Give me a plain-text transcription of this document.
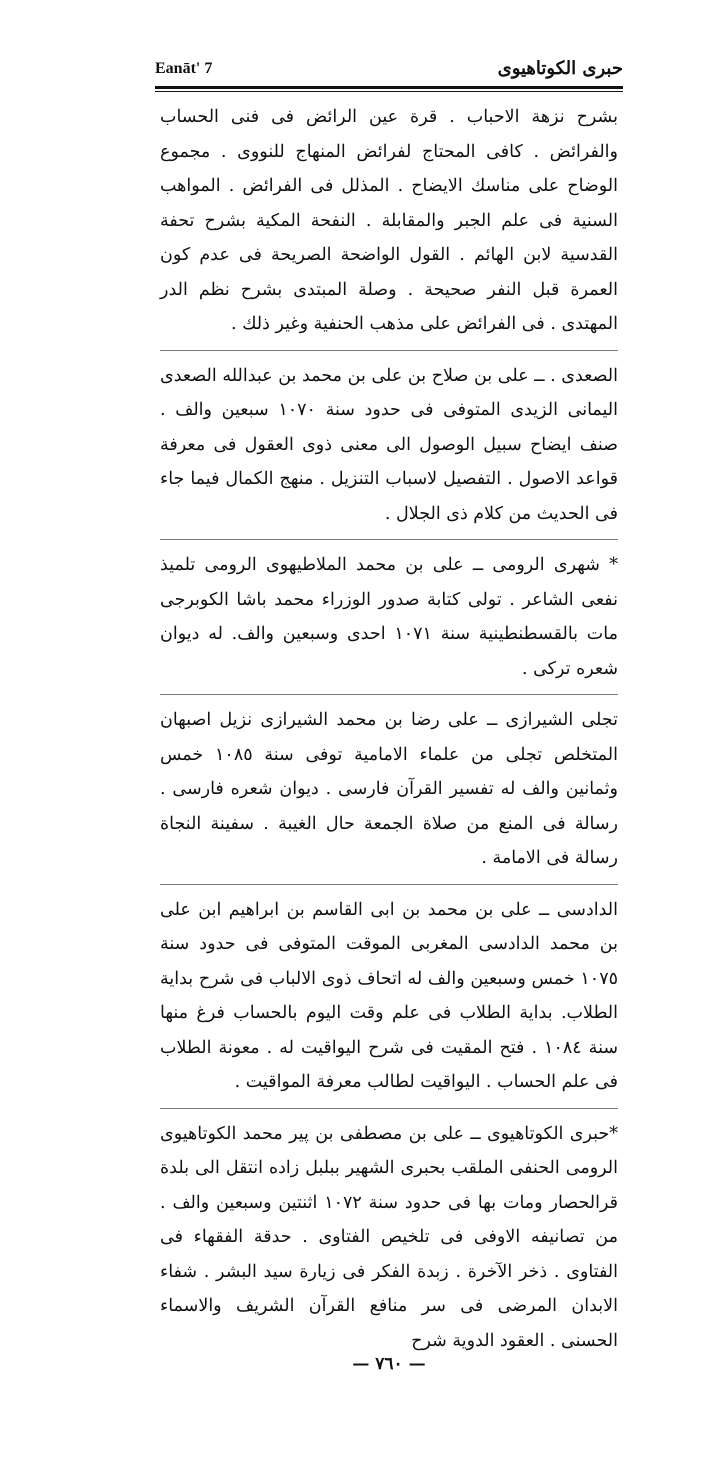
حبرى الكوتاهيوى
Eanāt' 7

بشرح نزهة الاحباب . قرة عين الرائض فى فنى الحساب والفرائض . كافى المحتاج لفرائض المنهاج للنووى . مجموع الوضاح على مناسك الايضاح . المذلل فى الفرائض . المواهب السنية فى علم الجبر والمقابلة . النفحة المكية بشرح تحفة القدسية لابن الهائم . القول الواضحة الصريحة فى عدم كون العمرة قبل النفر صحيحة . وصلة المبتدى بشرح نظم الدر المهتدى . فى الفرائض على مذهب الحنفية وغير ذلك .

الصعدى . ــ على بن صلاح بن على بن محمد بن عبدالله الصعدى اليمانى الزيدى المتوفى فى حدود سنة ١٠٧٠ سبعين والف . صنف ايضاح سبيل الوصول الى معنى ذوى العقول فى معرفة قواعد الاصول . التفصيل لاسباب التنزيل . منهج الكمال فيما جاء فى الحديث من كلام ذى الجلال .

* شهرى الرومى ــ على بن محمد الملاطيهوى الرومى تلميذ نفعى الشاعر . تولى كتابة صدور الوزراء محمد باشا الكوبرجى مات بالقسطنطينية سنة ١٠٧١ احدى وسبعين والف. له ديوان شعره تركى .

تجلى الشيرازى ــ على رضا بن محمد الشيرازى نزيل اصبهان المتخلص تجلى من علماء الامامية توفى سنة ١٠٨٥ خمس وثمانين والف له تفسير القرآن فارسى . ديوان شعره فارسى . رسالة فى المنع من صلاة الجمعة حال الغيبة . سفينة النجاة رسالة فى الامامة .

الدادسى ــ على بن محمد بن ابى القاسم بن ابراهيم ابن على بن محمد الدادسى المغربى الموقت المتوفى فى حدود سنة ١٠٧٥ خمس وسبعين والف له اتحاف ذوى الالباب فى شرح بداية الطلاب. بداية الطلاب فى علم وقت اليوم بالحساب فرغ منها سنة ١٠٨٤ . فتح المقيت فى شرح اليواقيت له . معونة الطلاب فى علم الحساب . اليواقيت لطالب معرفة المواقيت .

*حبرى الكوتاهيوى ــ على بن مصطفى بن پير محمد الكوتاهيوى الرومى الحنفى الملقب بحبرى الشهير ببلبل زاده انتقل الى بلدة قرالحصار ومات بها فى حدود سنة ١٠٧٢ اثنتين وسبعين والف . من تصانيفه الاوفى فى تلخيص الفتاوى . حدقة الفقهاء فى الفتاوى . ذخر الآخرة . زبدة الفكر فى زيارة سيد البشر . شفاء الابدان المرضى فى سر منافع القرآن الشريف والاسماء الحسنى . العقود الدوية شرح

— ٧٦٠ —
